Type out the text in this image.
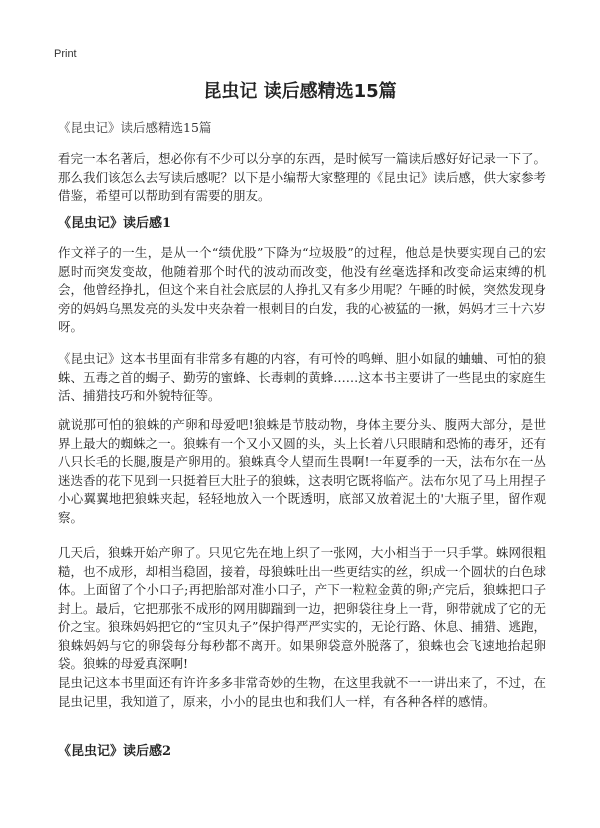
Print
昆虫记 读后感精选15篇
《昆虫记》读后感精选15篇

看完一本名著后，想必你有不少可以分享的东西，是时候写一篇读后感好好记录一下了。那么我们该怎么去写读后感呢？以下是小编帮大家整理的《昆虫记》读后感，供大家参考借鉴，希望可以帮助到有需要的朋友。

《昆虫记》读后感1

作文祥子的一生，是从一个“绩优股”下降为“垃圾股”的过程，他总是快要实现自己的宏愿时而突发变故，他随着那个时代的波动而改变，他没有丝毫选择和改变命运束缚的机会，他曾经挣扎，但这个来自社会底层的人挣扎又有多少用呢？午睡的时候，突然发现身旁的妈妈乌黑发亮的头发中夹杂着一根刺目的白发，我的心被猛的一揪，妈妈才三十六岁呀。

《昆虫记》这本书里面有非常多有趣的内容，有可怜的鸣蝉、胆小如鼠的蛐蛐、可怕的狼蛛、五毒之首的蝎子、勤劳的蜜蜂、长毒刺的黄蜂……这本书主要讲了一些昆虫的家庭生活、捕猎技巧和外貌特征等。

就说那可怕的狼蛛的产卵和母爱吧!狼蛛是节肢动物，身体主要分头、腹两大部分，是世界上最大的蜘蛛之一。狼蛛有一个又小又圆的头，头上长着八只眼睛和恐怖的毒牙，还有八只长毛的长腿,腹是产卵用的。狼蛛真令人望而生畏啊!一年夏季的一天，法布尔在一丛迷迭香的花下见到一只挺着巨大肚子的狼蛛，这表明它既将临产。法布尔见了马上用捏子小心翼翼地把狼蛛夹起，轻轻地放入一个既透明，底部又放着泥土的'大瓶子里，留作观察。

几天后，狼蛛开始产卵了。只见它先在地上织了一张网，大小相当于一只手掌。蛛网很粗糙，也不成形，却相当稳固，接着，母狼蛛吐出一些更结实的丝，织成一个圆状的白色球体。上面留了个小口子;再把胎部对准小口子，产下一粒粒金黄的卵;产完后，狼蛛把口子封上。最后，它把那张不成形的网用脚踹到一边，把卵袋往身上一背，卵带就成了它的无价之宝。狼珠妈妈把它的“宝贝丸子”保护得严严实实的，无论行路、休息、捕猎、逃跑，狼蛛妈妈与它的卵袋每分每秒都不离开。如果卵袋意外脱落了，狼蛛也会飞速地抬起卵袋。狼蛛的母爱真深啊!

昆虫记这本书里面还有许许多多非常奇妙的生物，在这里我就不一一讲出来了，不过，在昆虫记里，我知道了，原来，小小的昆虫也和我们人一样，有各种各样的感情。

《昆虫记》读后感2
